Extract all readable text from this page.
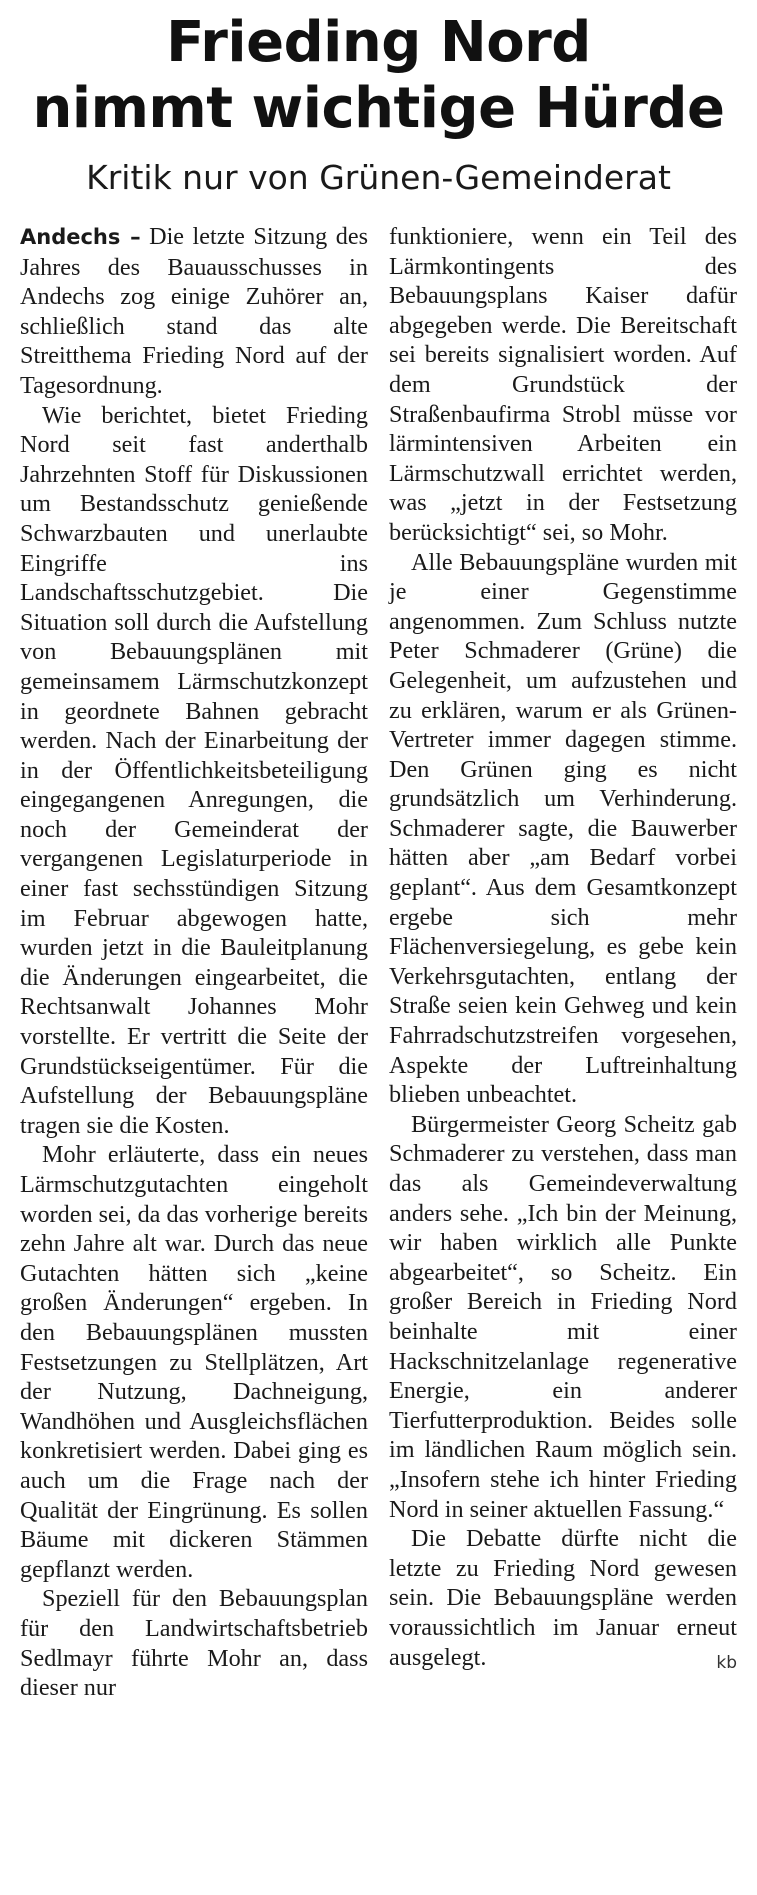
Frieding Nord
nimmt wichtige Hürde
Kritik nur von Grünen-Gemeinderat

Andechs – Die letzte Sitzung des Jahres des Bauausschusses in Andechs zog einige Zuhörer an, schließlich stand das alte Streitthema Frieding Nord auf der Tagesordnung.

Wie berichtet, bietet Frieding Nord seit fast anderthalb Jahrzehnten Stoff für Diskussionen um Bestandsschutz genießende Schwarzbauten und unerlaubte Eingriffe ins Landschaftsschutzgebiet. Die Situation soll durch die Aufstellung von Bebauungsplänen mit gemeinsamem Lärmschutzkonzept in geordnete Bahnen gebracht werden. Nach der Einarbeitung der in der Öffentlichkeitsbeteiligung eingegangenen Anregungen, die noch der Gemeinderat der vergangenen Legislaturperiode in einer fast sechsstündigen Sitzung im Februar abgewogen hatte, wurden jetzt in die Bauleitplanung die Änderungen eingearbeitet, die Rechtsanwalt Johannes Mohr vorstellte. Er vertritt die Seite der Grundstückseigentümer. Für die Aufstellung der Bebauungspläne tragen sie die Kosten.

Mohr erläuterte, dass ein neues Lärmschutzgutachten eingeholt worden sei, da das vorherige bereits zehn Jahre alt war. Durch das neue Gutachten hätten sich „keine großen Änderungen“ ergeben. In den Bebauungsplänen mussten Festsetzungen zu Stellplätzen, Art der Nutzung, Dachneigung, Wandhöhen und Ausgleichsflächen konkretisiert werden. Dabei ging es auch um die Frage nach der Qualität der Eingrünung. Es sollen Bäume mit dickeren Stämmen gepflanzt werden.

Speziell für den Bebauungsplan für den Landwirtschaftsbetrieb Sedlmayr führte Mohr an, dass dieser nur

funktioniere, wenn ein Teil des Lärmkontingents des Bebauungsplans Kaiser dafür abgegeben werde. Die Bereitschaft sei bereits signalisiert worden. Auf dem Grundstück der Straßenbaufirma Strobl müsse vor lärmintensiven Arbeiten ein Lärmschutzwall errichtet werden, was „jetzt in der Festsetzung berücksichtigt“ sei, so Mohr.

Alle Bebauungspläne wurden mit je einer Gegenstimme angenommen. Zum Schluss nutzte Peter Schmaderer (Grüne) die Gelegenheit, um aufzustehen und zu erklären, warum er als Grünen-Vertreter immer dagegen stimme. Den Grünen ging es nicht grundsätzlich um Verhinderung. Schmaderer sagte, die Bauwerber hätten aber „am Bedarf vorbei geplant“. Aus dem Gesamtkonzept ergebe sich mehr Flächenversiegelung, es gebe kein Verkehrsgutachten, entlang der Straße seien kein Gehweg und kein Fahrradschutzstreifen vorgesehen, Aspekte der Luftreinhaltung blieben unbeachtet.

Bürgermeister Georg Scheitz gab Schmaderer zu verstehen, dass man das als Gemeindeverwaltung anders sehe. „Ich bin der Meinung, wir haben wirklich alle Punkte abgearbeitet“, so Scheitz. Ein großer Bereich in Frieding Nord beinhalte mit einer Hackschnitzelanlage regenerative Energie, ein anderer Tierfutterproduktion. Beides solle im ländlichen Raum möglich sein. „Insofern stehe ich hinter Frieding Nord in seiner aktuellen Fassung.“

Die Debatte dürfte nicht die letzte zu Frieding Nord gewesen sein. Die Bebauungspläne werden voraussichtlich im Januar erneut ausgelegt.	kb
